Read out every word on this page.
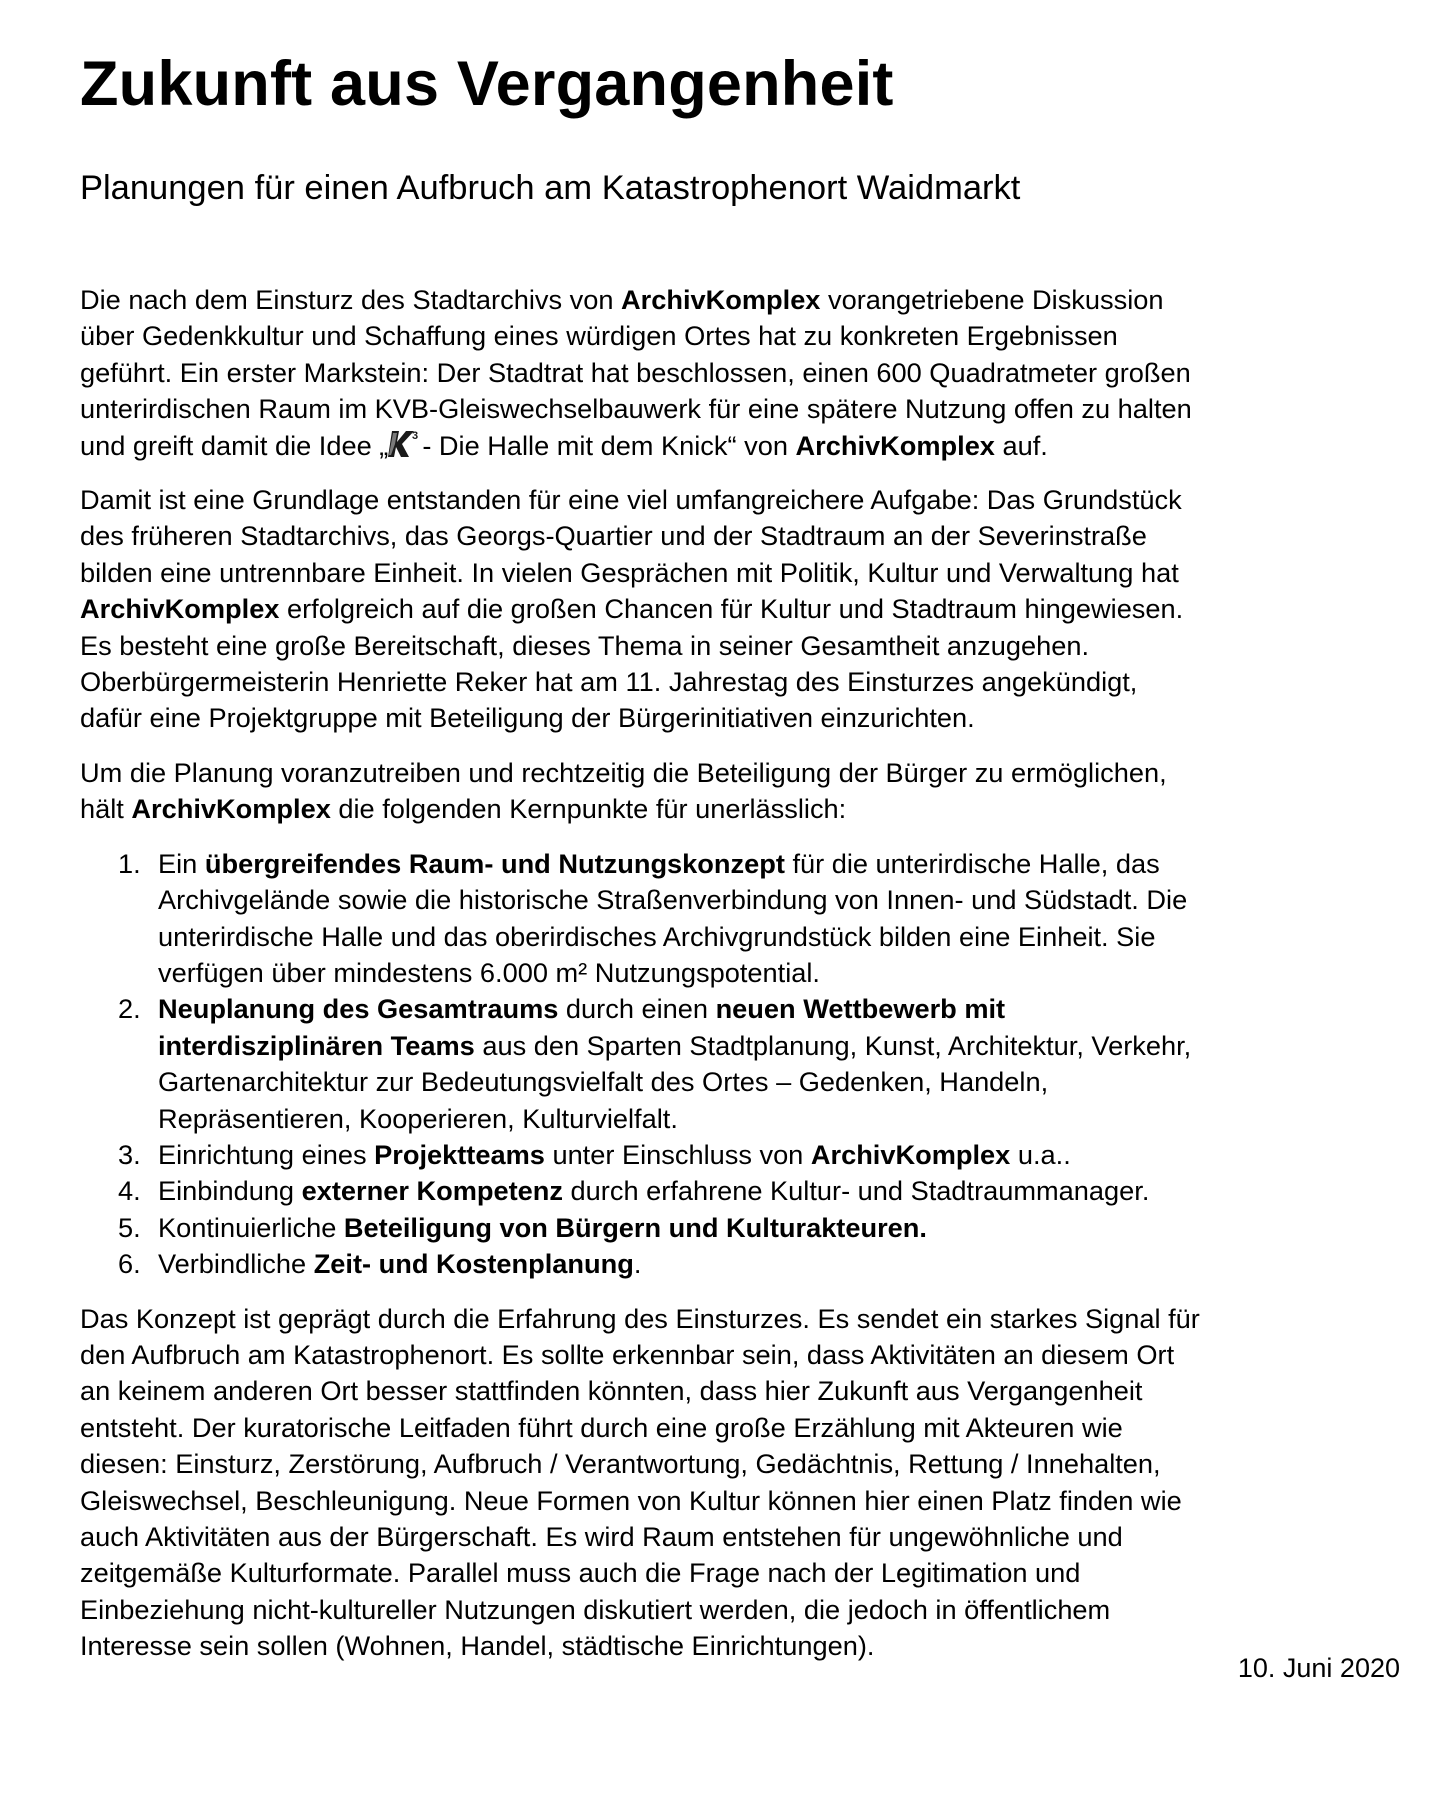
Zukunft aus Vergangenheit
Planungen für einen Aufbruch am Katastrophenort Waidmarkt
Die nach dem Einsturz des Stadtarchivs von ArchivKomplex vorangetriebene Diskussion
über Gedenkkultur und Schaffung eines würdigen Ortes hat zu konkreten Ergebnissen
geführt. Ein erster Markstein: Der Stadtrat hat beschlossen, einen 600 Quadratmeter großen
unterirdischen Raum im KVB-Gleiswechselbauwerk für eine spätere Nutzung offen zu halten
und greift damit die Idee „ 3 - Die Halle mit dem Knick“ von ArchivKomplex auf.
Damit ist eine Grundlage entstanden für eine viel umfangreichere Aufgabe: Das Grundstück
des früheren Stadtarchivs, das Georgs-Quartier und der Stadtraum an der Severinstraße
bilden eine untrennbare Einheit. In vielen Gesprächen mit Politik, Kultur und Verwaltung hat
ArchivKomplex erfolgreich auf die großen Chancen für Kultur und Stadtraum hingewiesen.
Es besteht eine große Bereitschaft, dieses Thema in seiner Gesamtheit anzugehen.
Oberbürgermeisterin Henriette Reker hat am 11. Jahrestag des Einsturzes angekündigt,
dafür eine Projektgruppe mit Beteiligung der Bürgerinitiativen einzurichten.
Um die Planung voranzutreiben und rechtzeitig die Beteiligung der Bürger zu ermöglichen,
hält ArchivKomplex die folgenden Kernpunkte für unerlässlich:
1. Ein übergreifendes Raum- und Nutzungskonzept für die unterirdische Halle, das
Archivgelände sowie die historische Straßenverbindung von Innen- und Südstadt. Die
unterirdische Halle und das oberirdisches Archivgrundstück bilden eine Einheit. Sie
verfügen über mindestens 6.000 m² Nutzungspotential.
2. Neuplanung des Gesamtraums durch einen neuen Wettbewerb mit
interdisziplinären Teams aus den Sparten Stadtplanung, Kunst, Architektur, Verkehr,
Gartenarchitektur zur Bedeutungsvielfalt des Ortes – Gedenken, Handeln,
Repräsentieren, Kooperieren, Kulturvielfalt.
3. Einrichtung eines Projektteams unter Einschluss von ArchivKomplex u.a..
4. Einbindung externer Kompetenz durch erfahrene Kultur- und Stadtraummanager.
5. Kontinuierliche Beteiligung von Bürgern und Kulturakteuren.
6. Verbindliche Zeit- und Kostenplanung.
Das Konzept ist geprägt durch die Erfahrung des Einsturzes. Es sendet ein starkes Signal für
den Aufbruch am Katastrophenort. Es sollte erkennbar sein, dass Aktivitäten an diesem Ort
an keinem anderen Ort besser stattfinden könnten, dass hier Zukunft aus Vergangenheit
entsteht. Der kuratorische Leitfaden führt durch eine große Erzählung mit Akteuren wie
diesen: Einsturz, Zerstörung, Aufbruch / Verantwortung, Gedächtnis, Rettung / Innehalten,
Gleiswechsel, Beschleunigung. Neue Formen von Kultur können hier einen Platz finden wie
auch Aktivitäten aus der Bürgerschaft. Es wird Raum entstehen für ungewöhnliche und
zeitgemäße Kulturformate. Parallel muss auch die Frage nach der Legitimation und
Einbeziehung nicht-kultureller Nutzungen diskutiert werden, die jedoch in öffentlichem
Interesse sein sollen (Wohnen, Handel, städtische Einrichtungen).
10. Juni 2020
